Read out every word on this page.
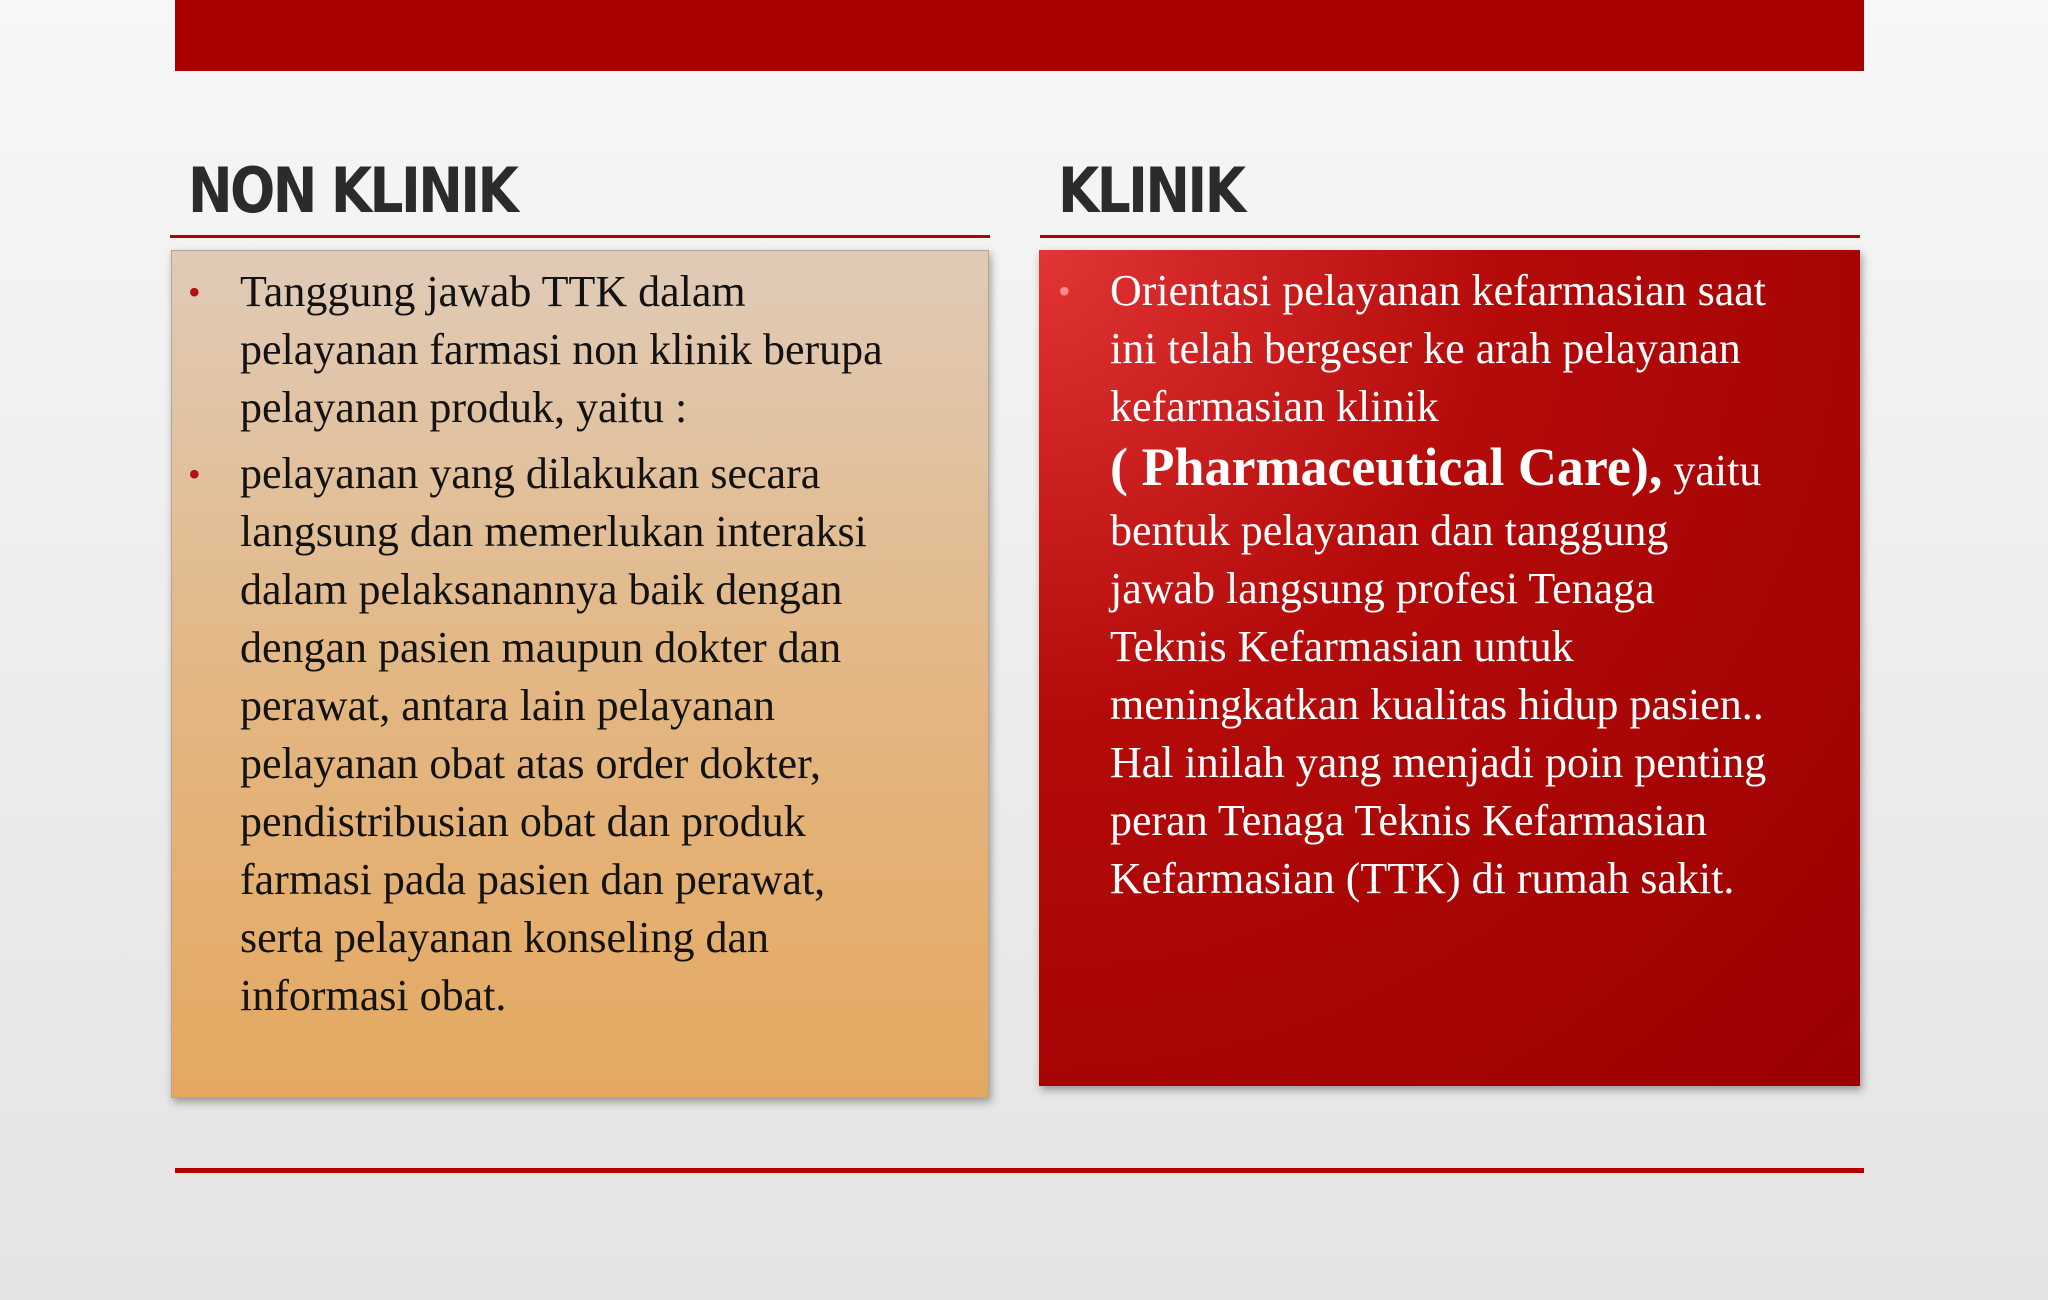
NON KLINIK	KLINIK
• Tanggung jawab TTK dalam
pelayanan farmasi non klinik berupa
pelayanan produk, yaitu :
• pelayanan yang dilakukan secara
langsung dan memerlukan interaksi
dalam pelaksanannya baik dengan
dengan pasien maupun dokter dan
perawat, antara lain pelayanan
pelayanan obat atas order dokter,
pendistribusian obat dan produk
farmasi pada pasien dan perawat,
serta pelayanan konseling dan
informasi obat.
• Orientasi pelayanan kefarmasian saat
ini telah bergeser ke arah pelayanan
kefarmasian klinik
( Pharmaceutical Care), yaitu
bentuk pelayanan dan tanggung
jawab langsung profesi Tenaga
Teknis Kefarmasian untuk
meningkatkan kualitas hidup pasien..
Hal inilah yang menjadi poin penting
peran Tenaga Teknis Kefarmasian
Kefarmasian (TTK) di rumah sakit.
